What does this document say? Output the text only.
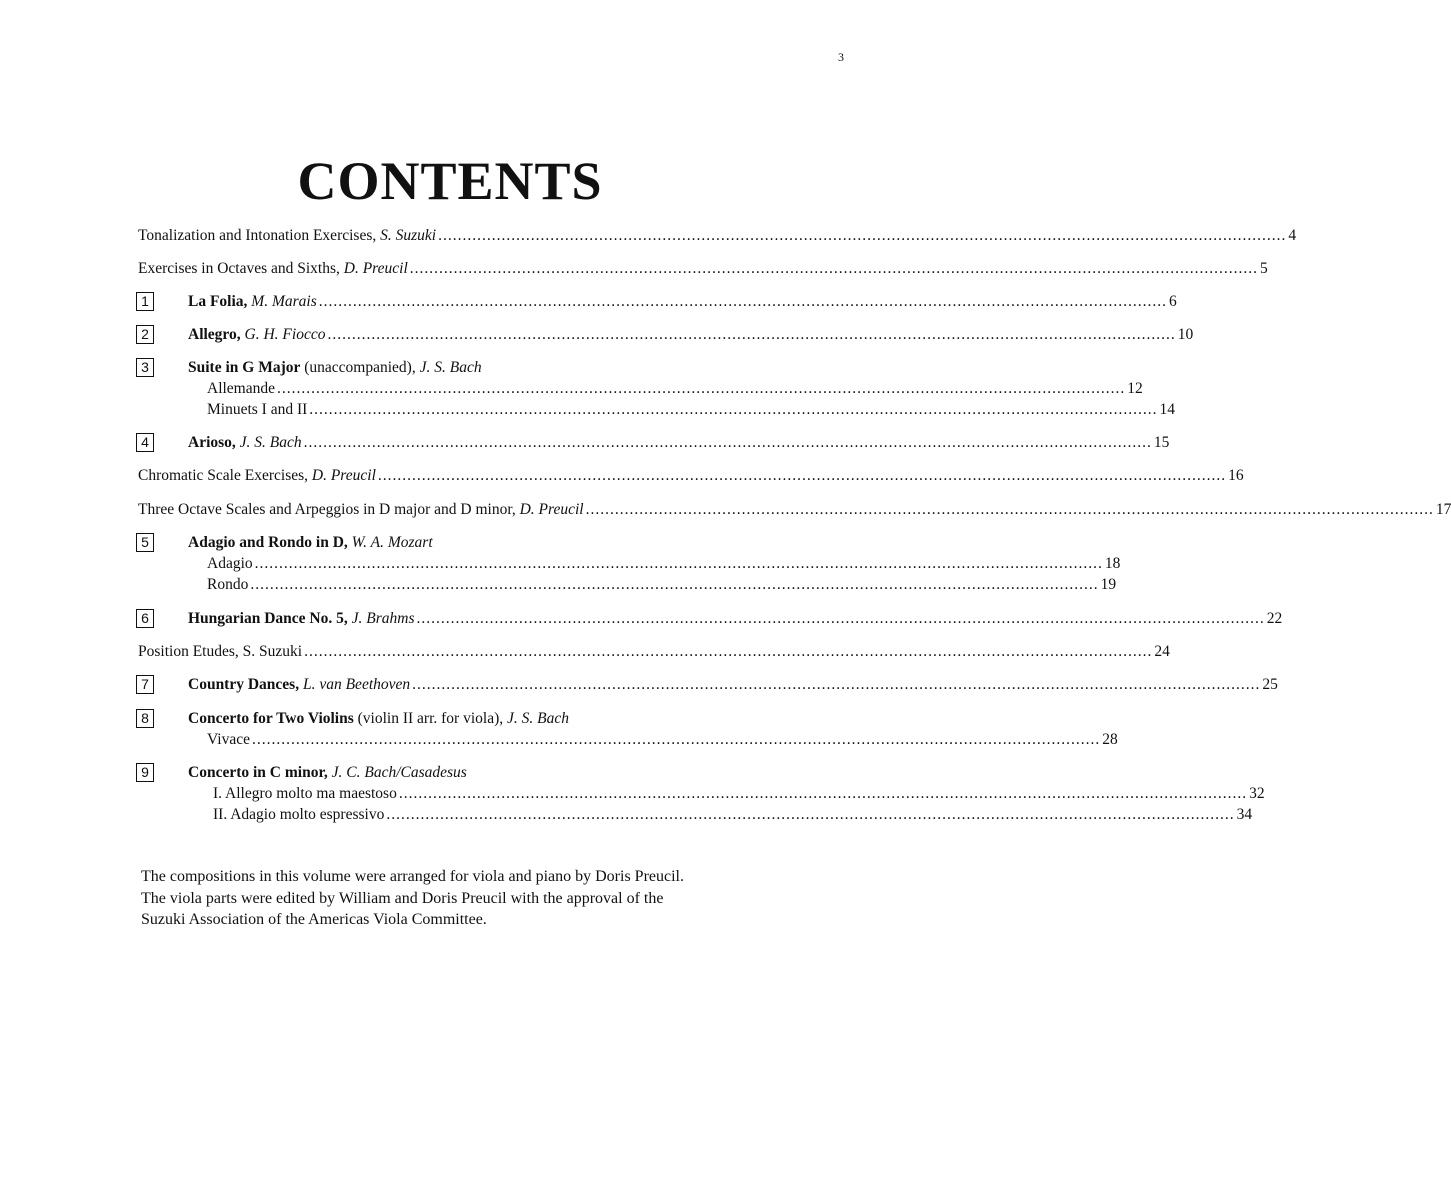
3
CONTENTS
Tonalization and Intonation Exercises, S. Suzuki .............................................................................................................................................................................. 4
Exercises in Octaves and Sixths, D. Preucil .............................................................................................................................................................................. 5
1	La Folia, M. Marais .............................................................................................................................................................................. 6
2	Allegro, G. H. Fiocco .............................................................................................................................................................................. 10
3	Suite in G Major (unaccompanied), J. S. Bach
Allemande .............................................................................................................................................................................. 12
Minuets I and II .............................................................................................................................................................................. 14
4	Arioso, J. S. Bach .............................................................................................................................................................................. 15
Chromatic Scale Exercises, D. Preucil .............................................................................................................................................................................. 16
Three Octave Scales and Arpeggios in D major and D minor, D. Preucil .............................................................................................................................................................................. 17
5	Adagio and Rondo in D, W. A. Mozart
Adagio .............................................................................................................................................................................. 18
Rondo .............................................................................................................................................................................. 19
6	Hungarian Dance No. 5, J. Brahms .............................................................................................................................................................................. 22
Position Etudes, S. Suzuki .............................................................................................................................................................................. 24
7	Country Dances, L. van Beethoven .............................................................................................................................................................................. 25
8	Concerto for Two Violins (violin II arr. for viola), J. S. Bach
Vivace .............................................................................................................................................................................. 28
9	Concerto in C minor, J. C. Bach/Casadesus
I. Allegro molto ma maestoso .............................................................................................................................................................................. 32
II. Adagio molto espressivo .............................................................................................................................................................................. 34
The compositions in this volume were arranged for viola and piano by Doris Preucil.
The viola parts were edited by William and Doris Preucil with the approval of the
Suzuki Association of the Americas Viola Committee.
